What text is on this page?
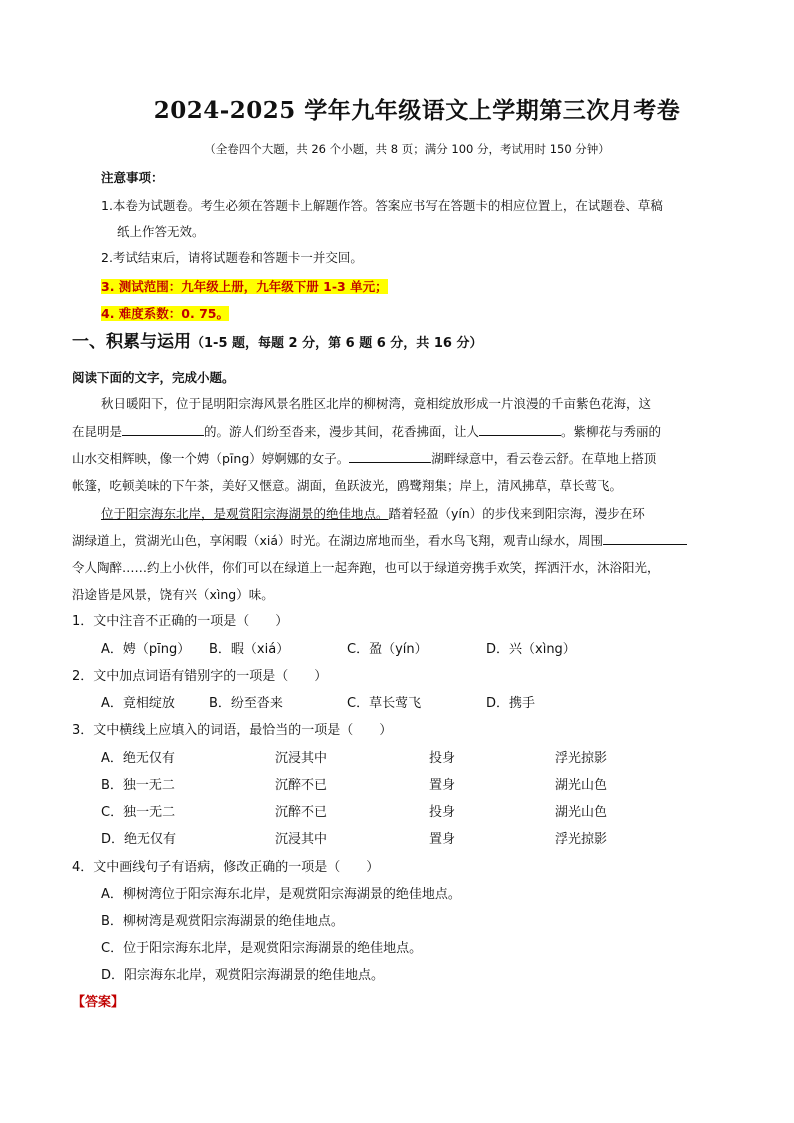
2024-2025 学年九年级语文上学期第三次月考卷
（全卷四个大题，共 26 个小题，共 8 页；满分 100 分，考试用时 150 分钟）
注意事项：
1.本卷为试题卷。考生必须在答题卡上解题作答。答案应书写在答题卡的相应位置上，在试题卷、草稿
纸上作答无效。
2.考试结束后，请将试题卷和答题卡一并交回。
3. 测试范围：九年级上册，九年级下册 1-3 单元；
4. 难度系数：0. 75。
一、积累与运用（1-5 题，每题 2 分，第 6 题 6 分，共 16 分）
阅读下面的文字，完成小题。
秋日暖阳下，位于昆明阳宗海风景名胜区北岸的柳树湾，竟相绽放形成一片浪漫的千亩紫色花海，这
在昆明是	的。游人们纷至沓来，漫步其间，花香拂面，让人	。紫柳花与秀丽的
山水交相辉映，像一个娉（pīng）婷婀娜的女子。	湖畔绿意中，看云卷云舒。在草地上搭顶
帐篷，吃顿美味的下午茶，美好又惬意。湖面，鱼跃波光，鸥鹭翔集；岸上，清风拂草，草长莺飞。
位于阳宗海东北岸，是观赏阳宗海湖景的绝佳地点。踏着轻盈（yín）的步伐来到阳宗海，漫步在环
湖绿道上，赏湖光山色，享闲暇（xiá）时光。在湖边席地而坐，看水鸟飞翔，观青山绿水，周围
令人陶醉……约上小伙伴，你们可以在绿道上一起奔跑，也可以于绿道旁携手欢笑，挥洒汗水，沐浴阳光，
沿途皆是风景，饶有兴（xìng）味。
1．文中注音不正确的一项是（　　）
A．娉（pīng） B．暇（xiá）	C．盈（yín）	D．兴（xìng）
2．文中加点词语有错别字的一项是（　　）
A．竟相绽放	B．纷至沓来	C．草长莺飞	D．携手
3．文中横线上应填入的词语，最恰当的一项是（　　）
A．绝无仅有	沉浸其中	投身	浮光掠影
B．独一无二	沉醉不已	置身	湖光山色
C．独一无二	沉醉不已	投身	湖光山色
D．绝无仅有	沉浸其中	置身	浮光掠影
4．文中画线句子有语病，修改正确的一项是（　　）
A．柳树湾位于阳宗海东北岸，是观赏阳宗海湖景的绝佳地点。
B．柳树湾是观赏阳宗海湖景的绝佳地点。
C．位于阳宗海东北岸，是观赏阳宗海湖景的绝佳地点。
D．阳宗海东北岸，观赏阳宗海湖景的绝佳地点。
【答案】
